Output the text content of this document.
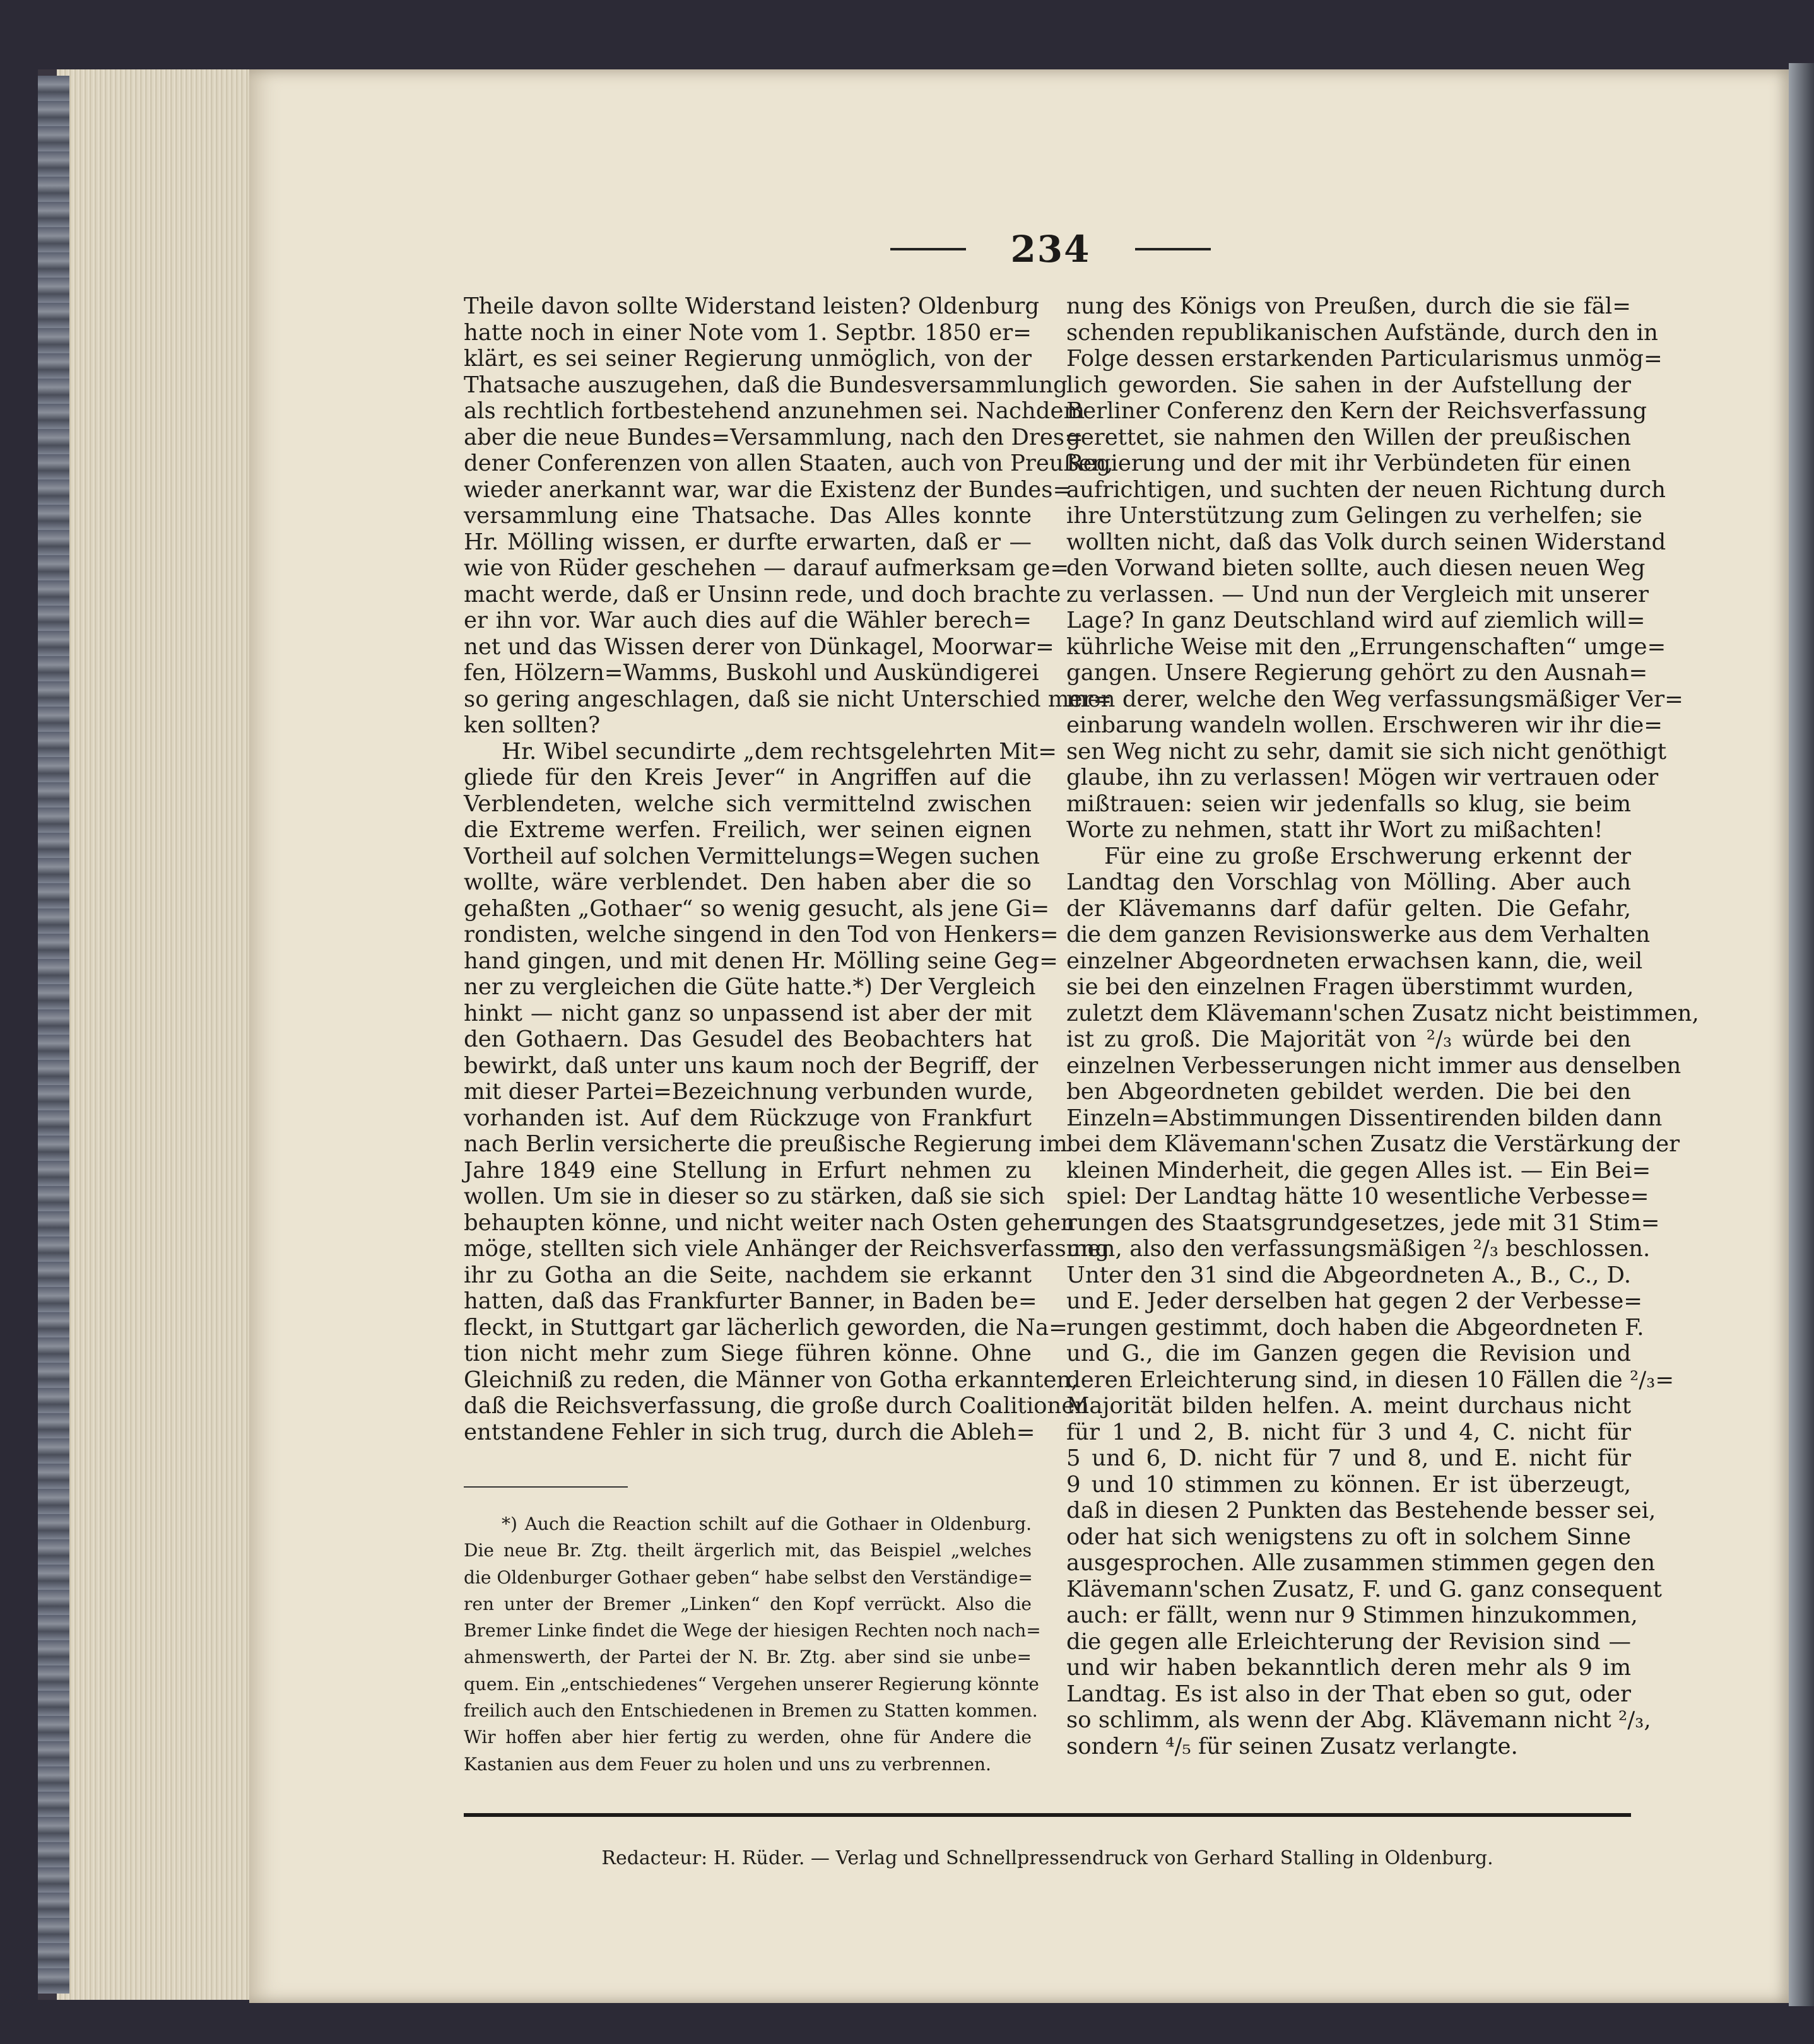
234
Theile davon sollte Widerstand leisten? Oldenburg
hatte noch in einer Note vom 1. Septbr. 1850 er=
klärt, es sei seiner Regierung unmöglich, von der
Thatsache auszugehen, daß die Bundesversammlung
als rechtlich fortbestehend anzunehmen sei. Nachdem
aber die neue Bundes=Versammlung, nach den Dres=
dener Conferenzen von allen Staaten, auch von Preußen,
wieder anerkannt war, war die Existenz der Bundes=
versammlung eine Thatsache. Das Alles konnte
Hr. Mölling wissen, er durfte erwarten, daß er —
wie von Rüder geschehen — darauf aufmerksam ge=
macht werde, daß er Unsinn rede, und doch brachte
er ihn vor. War auch dies auf die Wähler berech=
net und das Wissen derer von Dünkagel, Moorwar=
fen, Hölzern=Wamms, Buskohl und Auskündigerei
so gering angeschlagen, daß sie nicht Unterschied mer=
ken sollten?
Hr. Wibel secundirte „dem rechtsgelehrten Mit=
gliede für den Kreis Jever“ in Angriffen auf die
Verblendeten, welche sich vermittelnd zwischen
die Extreme werfen. Freilich, wer seinen eignen
Vortheil auf solchen Vermittelungs=Wegen suchen
wollte, wäre verblendet. Den haben aber die so
gehaßten „Gothaer“ so wenig gesucht, als jene Gi=
rondisten, welche singend in den Tod von Henkers=
hand gingen, und mit denen Hr. Mölling seine Geg=
ner zu vergleichen die Güte hatte.*) Der Vergleich
hinkt — nicht ganz so unpassend ist aber der mit
den Gothaern. Das Gesudel des Beobachters hat
bewirkt, daß unter uns kaum noch der Begriff, der
mit dieser Partei=Bezeichnung verbunden wurde,
vorhanden ist. Auf dem Rückzuge von Frankfurt
nach Berlin versicherte die preußische Regierung im
Jahre 1849 eine Stellung in Erfurt nehmen zu
wollen. Um sie in dieser so zu stärken, daß sie sich
behaupten könne, und nicht weiter nach Osten gehen
möge, stellten sich viele Anhänger der Reichsverfassung
ihr zu Gotha an die Seite, nachdem sie erkannt
hatten, daß das Frankfurter Banner, in Baden be=
fleckt, in Stuttgart gar lächerlich geworden, die Na=
tion nicht mehr zum Siege führen könne. Ohne
Gleichniß zu reden, die Männer von Gotha erkannten,
daß die Reichsverfassung, die große durch Coalitionen
entstandene Fehler in sich trug, durch die Ableh=
nung des Königs von Preußen, durch die sie fäl=
schenden republikanischen Aufstände, durch den in
Folge dessen erstarkenden Particularismus unmög=
lich geworden. Sie sahen in der Aufstellung der
Berliner Conferenz den Kern der Reichsverfassung
gerettet, sie nahmen den Willen der preußischen
Regierung und der mit ihr Verbündeten für einen
aufrichtigen, und suchten der neuen Richtung durch
ihre Unterstützung zum Gelingen zu verhelfen; sie
wollten nicht, daß das Volk durch seinen Widerstand
den Vorwand bieten sollte, auch diesen neuen Weg
zu verlassen. — Und nun der Vergleich mit unserer
Lage? In ganz Deutschland wird auf ziemlich will=
kührliche Weise mit den „Errungenschaften“ umge=
gangen. Unsere Regierung gehört zu den Ausnah=
men derer, welche den Weg verfassungsmäßiger Ver=
einbarung wandeln wollen. Erschweren wir ihr die=
sen Weg nicht zu sehr, damit sie sich nicht genöthigt
glaube, ihn zu verlassen! Mögen wir vertrauen oder
mißtrauen: seien wir jedenfalls so klug, sie beim
Worte zu nehmen, statt ihr Wort zu mißachten!
Für eine zu große Erschwerung erkennt der
Landtag den Vorschlag von Mölling. Aber auch
der Klävemanns darf dafür gelten. Die Gefahr,
die dem ganzen Revisionswerke aus dem Verhalten
einzelner Abgeordneten erwachsen kann, die, weil
sie bei den einzelnen Fragen überstimmt wurden,
zuletzt dem Klävemann'schen Zusatz nicht beistimmen,
ist zu groß. Die Majorität von ²/₃ würde bei den
einzelnen Verbesserungen nicht immer aus denselben
ben Abgeordneten gebildet werden. Die bei den
Einzeln=Abstimmungen Dissentirenden bilden dann
bei dem Klävemann'schen Zusatz die Verstärkung der
kleinen Minderheit, die gegen Alles ist. — Ein Bei=
spiel: Der Landtag hätte 10 wesentliche Verbesse=
rungen des Staatsgrundgesetzes, jede mit 31 Stim=
men, also den verfassungsmäßigen ²/₃ beschlossen.
Unter den 31 sind die Abgeordneten A., B., C., D.
und E. Jeder derselben hat gegen 2 der Verbesse=
rungen gestimmt, doch haben die Abgeordneten F.
und G., die im Ganzen gegen die Revision und
deren Erleichterung sind, in diesen 10 Fällen die ²/₃=
Majorität bilden helfen. A. meint durchaus nicht
für 1 und 2, B. nicht für 3 und 4, C. nicht für
5 und 6, D. nicht für 7 und 8, und E. nicht für
9 und 10 stimmen zu können. Er ist überzeugt,
daß in diesen 2 Punkten das Bestehende besser sei,
oder hat sich wenigstens zu oft in solchem Sinne
ausgesprochen. Alle zusammen stimmen gegen den
Klävemann'schen Zusatz, F. und G. ganz consequent
auch: er fällt, wenn nur 9 Stimmen hinzukommen,
die gegen alle Erleichterung der Revision sind —
und wir haben bekanntlich deren mehr als 9 im
Landtag. Es ist also in der That eben so gut, oder
so schlimm, als wenn der Abg. Klävemann nicht ²/₃,
sondern ⁴/₅ für seinen Zusatz verlangte.
*) Auch die Reaction schilt auf die Gothaer in Oldenburg.
Die neue Br. Ztg. theilt ärgerlich mit, das Beispiel „welches
die Oldenburger Gothaer geben“ habe selbst den Verständige=
ren unter der Bremer „Linken“ den Kopf verrückt. Also die
Bremer Linke findet die Wege der hiesigen Rechten noch nach=
ahmenswerth, der Partei der N. Br. Ztg. aber sind sie unbe=
quem. Ein „entschiedenes“ Vergehen unserer Regierung könnte
freilich auch den Entschiedenen in Bremen zu Statten kommen.
Wir hoffen aber hier fertig zu werden, ohne für Andere die
Kastanien aus dem Feuer zu holen und uns zu verbrennen.
Redacteur: H. Rüder. — Verlag und Schnellpressendruck von Gerhard Stalling in Oldenburg.
